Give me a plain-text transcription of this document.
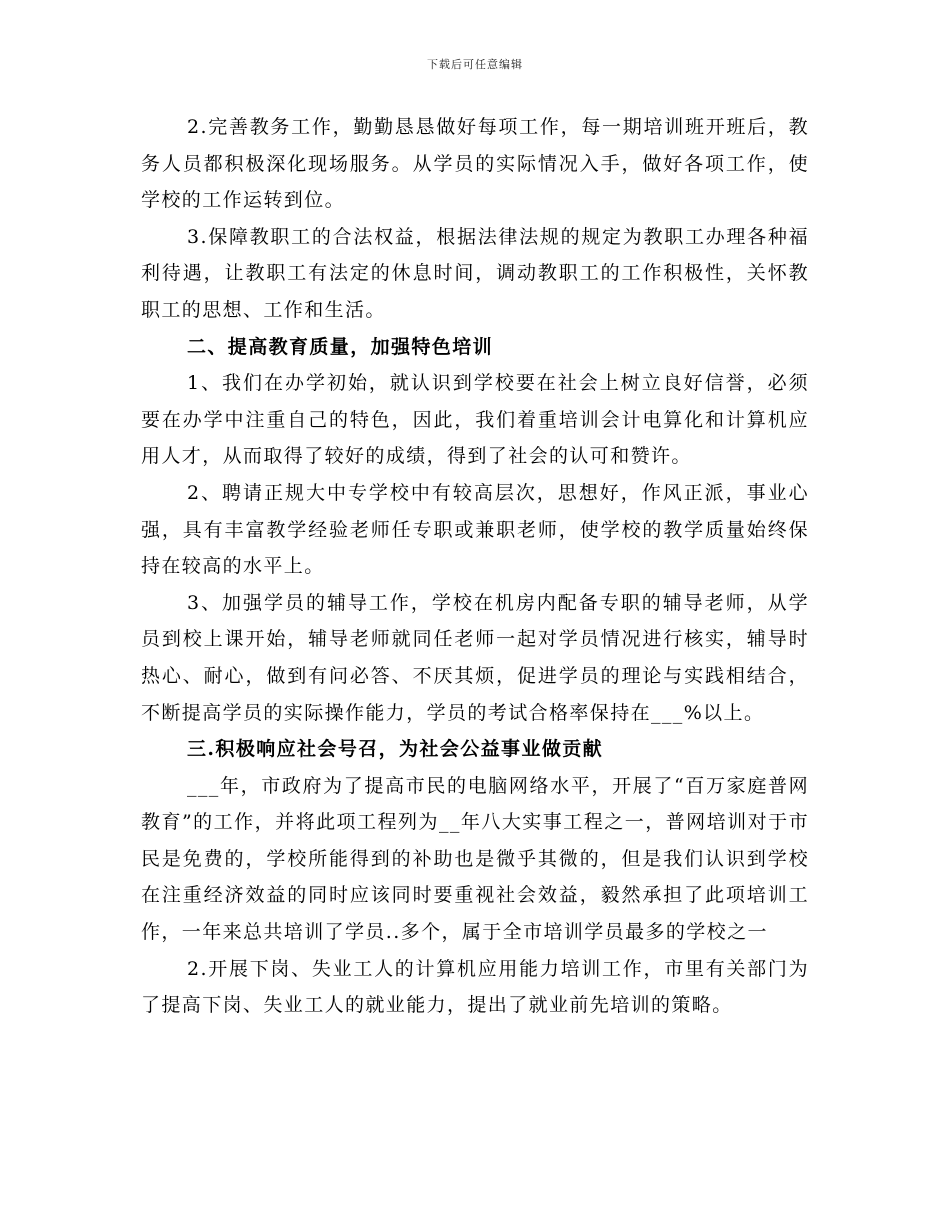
下载后可任意编辑

2.完善教务工作，勤勤恳恳做好每项工作，每一期培训班开班后，教务人员都积极深化现场服务。从学员的实际情况入手，做好各项工作，使学校的工作运转到位。

3.保障教职工的合法权益，根据法律法规的规定为教职工办理各种福利待遇，让教职工有法定的休息时间，调动教职工的工作积极性，关怀教职工的思想、工作和生活。

二、提高教育质量，加强特色培训

1、我们在办学初始，就认识到学校要在社会上树立良好信誉，必须要在办学中注重自己的特色，因此，我们着重培训会计电算化和计算机应用人才，从而取得了较好的成绩，得到了社会的认可和赞许。

2、聘请正规大中专学校中有较高层次，思想好，作风正派，事业心强，具有丰富教学经验老师任专职或兼职老师，使学校的教学质量始终保持在较高的水平上。

3、加强学员的辅导工作，学校在机房内配备专职的辅导老师，从学员到校上课开始，辅导老师就同任老师一起对学员情况进行核实，辅导时热心、耐心，做到有问必答、不厌其烦，促进学员的理论与实践相结合，不断提高学员的实际操作能力，学员的考试合格率保持在___%以上。

三.积极响应社会号召，为社会公益事业做贡献

___年，市政府为了提高市民的电脑网络水平，开展了“百万家庭普网教育”的工作，并将此项工程列为__年八大实事工程之一，普网培训对于市民是免费的，学校所能得到的补助也是微乎其微的，但是我们认识到学校在注重经济效益的同时应该同时要重视社会效益，毅然承担了此项培训工作，一年来总共培训了学员..多个，属于全市培训学员最多的学校之一

2.开展下岗、失业工人的计算机应用能力培训工作，市里有关部门为了提高下岗、失业工人的就业能力，提出了就业前先培训的策略。
